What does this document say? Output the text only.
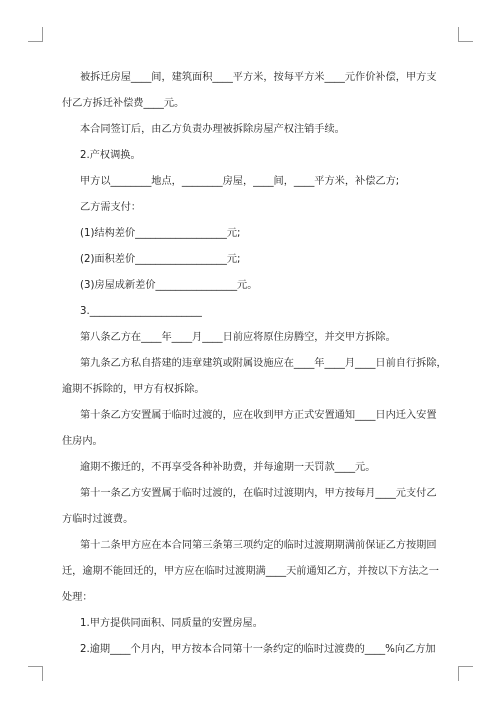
被拆迁房屋____间，建筑面积____平方米，按每平方米____元作价补偿，甲方支
付乙方拆迁补偿费____元。
本合同签订后，由乙方负责办理被拆除房屋产权注销手续。
2.产权调换。
甲方以________地点，________房屋，____间，____平方米，补偿乙方;
乙方需支付：
(1)结构差价__________________元;
(2)面积差价__________________元;
(3)房屋成新差价________________元。
3.______________________
第八条乙方在____年____月____日前应将原住房腾空，并交甲方拆除。
第九条乙方私自搭建的违章建筑或附属设施应在____年____月____日前自行拆除，
逾期不拆除的，甲方有权拆除。
第十条乙方安置属于临时过渡的，应在收到甲方正式安置通知____日内迁入安置
住房内。
逾期不搬迁的，不再享受各种补助费，并每逾期一天罚款____元。
第十一条乙方安置属于临时过渡的，在临时过渡期内，甲方按每月____元支付乙
方临时过渡费。
第十二条甲方应在本合同第三条第三项约定的临时过渡期期满前保证乙方按期回
迁，逾期不能回迁的，甲方应在临时过渡期满____天前通知乙方，并按以下方法之一
处理：
1.甲方提供同面积、同质量的安置房屋。
2.逾期____个月内，甲方按本合同第十一条约定的临时过渡费的____%向乙方加
